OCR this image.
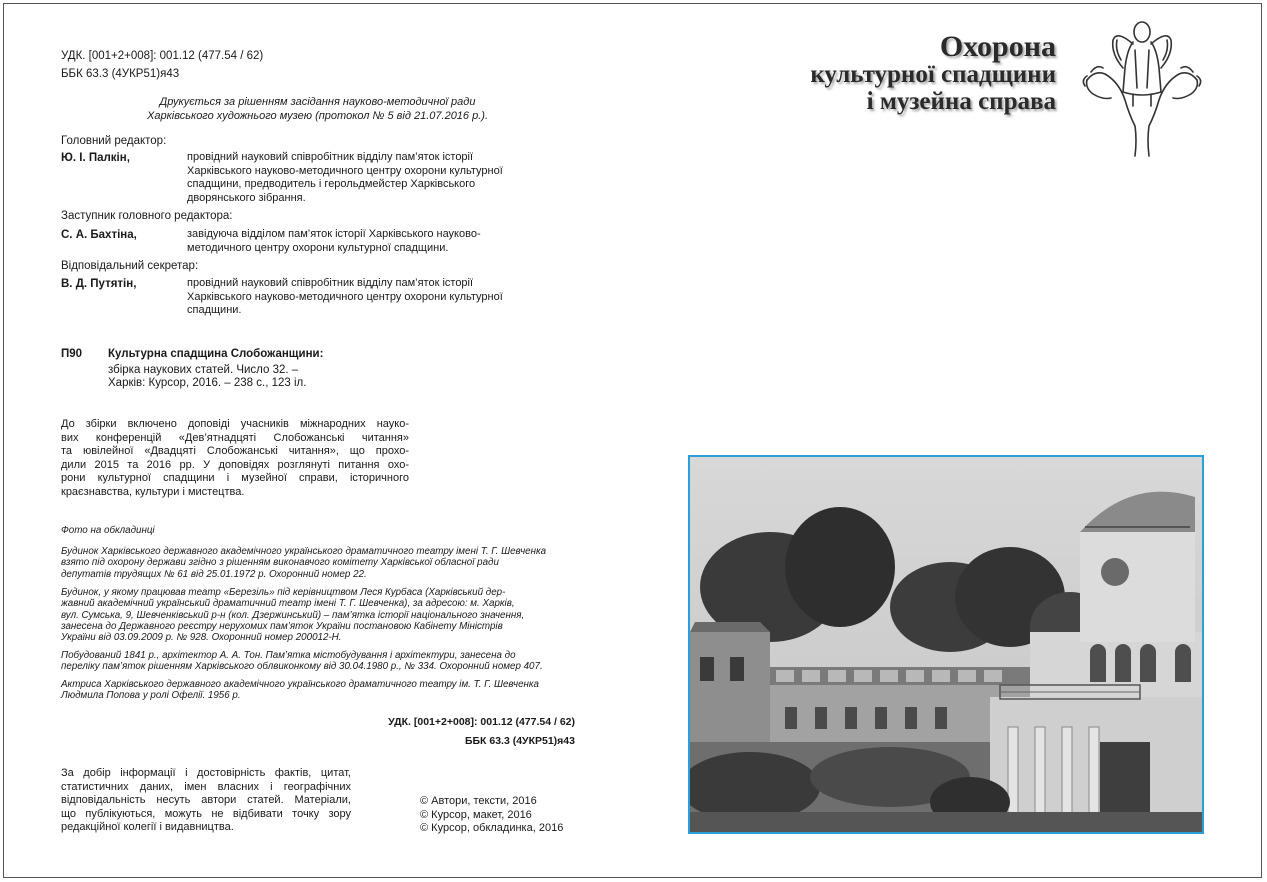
УДК. [001+2+008]: 001.12 (477.54 / 62)
ББК 63.3 (4УКР51)я43
Друкується за рішенням засідання науково-методичної ради
Харківського художнього музею (протокол № 5 від 21.07.2016 р.).
Головний редактор:
Ю. І. Палкін,	провідний науковий співробітник відділу пам’яток історії
Харківського науково-методичного центру охорони культурної
спадщини, предводитель і герольдмейстер Харківського
дворянського зібрання.
Заступник головного редактора:
С. А. Бахтіна,	завідуюча відділом пам’яток історії Харківського науково-
методичного центру охорони культурної спадщини.
Відповідальний секретар:
В. Д. Путятін,	провідний науковий співробітник відділу пам’яток історії
Харківського науково-методичного центру охорони культурної
спадщини.
П90 Культурна спадщина Слобожанщини:
збірка наукових статей. Число 32. –
Харків: Курсор, 2016. – 238 с., 123 іл.
До збірки включено доповіді учасників міжнародних науко-
вих конференцій «Дев’ятнадцяті Слобожанські читання»
та ювілейної «Двадцяті Слобожанські читання», що прохо-
дили 2015 та 2016 рр. У доповідях розглянуті питання охо-
рони культурної спадщини і музейної справи, історичного
краєзнавства, культури і мистецтва.
Фото на обкладинці
Будинок Харківського державного академічного українського драматичного театру імені Т. Г. Шевченка
взято під охорону держави згідно з рішенням виконавчого комітету Харківської обласної ради
депутатів трудящих № 61 від 25.01.1972 р. Охоронний номер 22.
Будинок, у якому працював театр «Березіль» під керівництвом Леся Курбаса (Харківський дер-
жавний академічний український драматичний театр імені Т. Г. Шевченка), за адресою: м. Харків,
вул. Сумська, 9, Шевченківський р-н (кол. Дзержинський) – пам’ятка історії національного значення,
занесена до Державного реєстру нерухомих пам’яток України постановою Кабінету Міністрів
України від 03.09.2009 р. № 928. Охоронний номер 200012-Н.
Побудований 1841 р., архітектор А. А. Тон. Пам’ятка містобудування і архітектури, занесена до
переліку пам’яток рішенням Харківського облвиконкому від 30.04.1980 р., № 334. Охоронний номер 407.
Актриса Харківського державного академічного українського драматичного театру ім. Т. Г. Шевченка
Людмила Попова у ролі Офелії. 1956 р.
УДК. [001+2+008]: 001.12 (477.54 / 62)
ББК 63.3 (4УКР51)я43
За добір інформації і достовірність фактів, цитат,
статистичних даних, імен власних і географічних
відповідальність несуть автори статей. Матеріали,
що публікуються, можуть не відбивати точку зору
редакційної колегії і видавництва.
© Автори, тексти, 2016
© Курсор, макет, 2016
© Курсор, обкладинка, 2016
Охорона
культурної спадщини
і музейна справа
